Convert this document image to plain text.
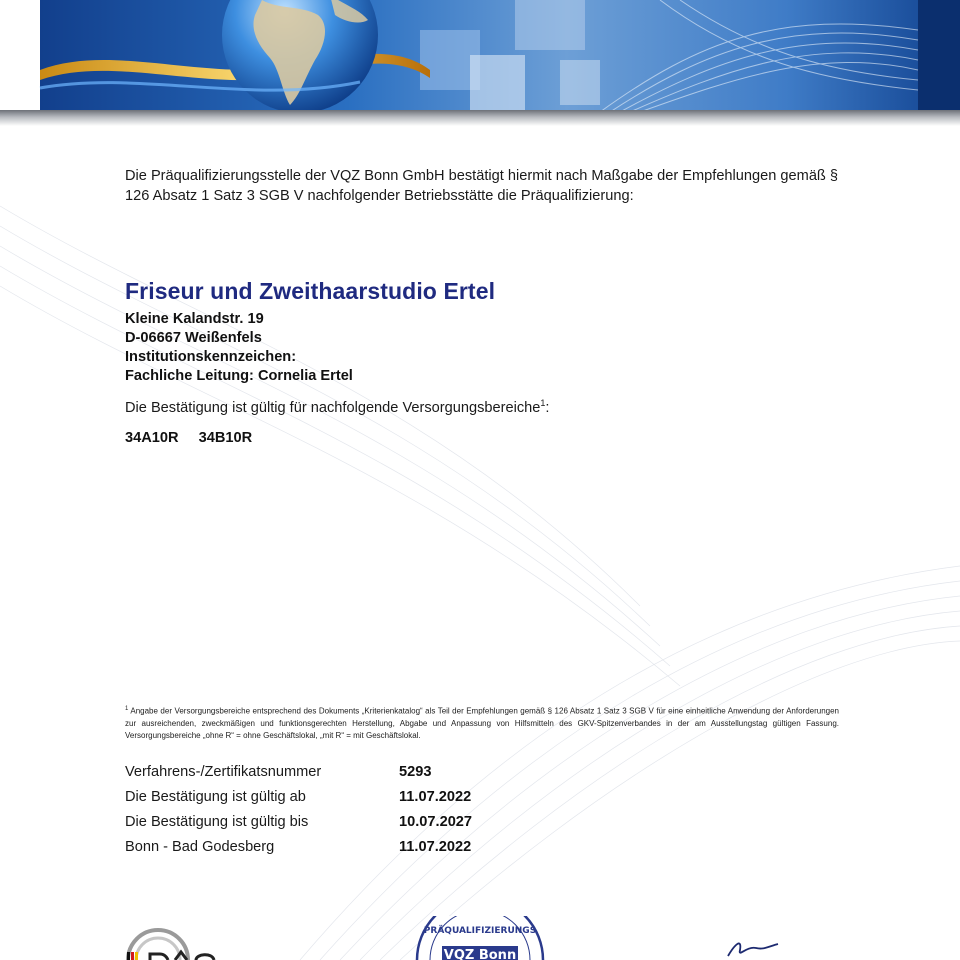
Die Präqualifizierungsstelle der VQZ Bonn GmbH bestätigt hiermit nach Maßgabe der Empfehlungen gemäß § 126 Absatz 1 Satz 3 SGB V nachfolgender Betriebsstätte die Präqualifizierung:
Friseur und Zweithaarstudio Ertel
Kleine Kalandstr. 19
D-06667 Weißenfels
Institutionskennzeichen:
Fachliche Leitung: Cornelia Ertel
Die Bestätigung ist gültig für nachfolgende Versorgungsbereiche$^1$:
34A10R 34B10R
$^1$ Angabe der Versorgungsbereiche entsprechend des Dokuments „Kriterienkatalog“ als Teil der Empfehlungen gemäß § 126 Absatz 1 Satz 3 SGB V für eine einheitliche Anwendung der Anforderungen zur ausreichenden, zweckmäßigen und funktionsgerechten Herstellung, Abgabe und Anpassung von Hilfsmitteln des GKV-Spitzenverbandes in der am Ausstellungstag gültigen Fassung. Versorgungsbereiche „ohne R“ = ohne Geschäftslokal, „mit R“ = mit Geschäftslokal.
Verfahrens-/Zertifikatsnummer	5293
Die Bestätigung ist gültig ab	11.07.2022
Die Bestätigung ist gültig bis	10.07.2027
Bonn - Bad Godesberg	11.07.2022
PRÄQUALIFIZIERUNGS
VQZ Bonn
